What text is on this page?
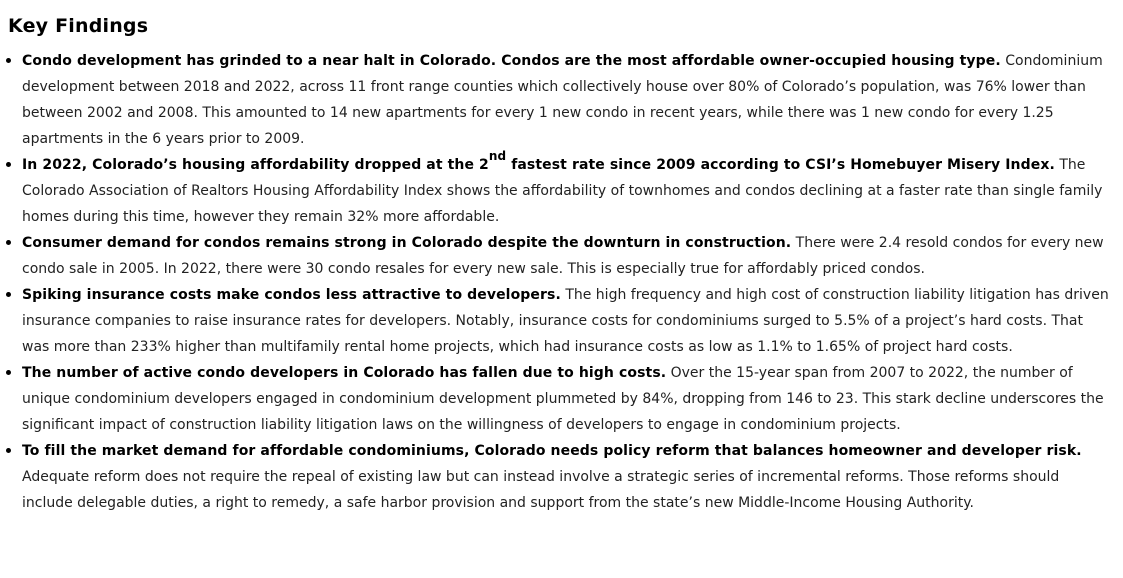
Key Findings
Condo development has grinded to a near halt in Colorado. Condos are the most affordable owner-occupied housing type. Condominium development between 2018 and 2022, across 11 front range counties which collectively house over 80% of Colorado’s population, was 76% lower than between 2002 and 2008. This amounted to 14 new apartments for every 1 new condo in recent years, while there was 1 new condo for every 1.25 apartments in the 6 years prior to 2009.
In 2022, Colorado’s housing affordability dropped at the 2nd fastest rate since 2009 according to CSI’s Homebuyer Misery Index. The Colorado Association of Realtors Housing Affordability Index shows the affordability of townhomes and condos declining at a faster rate than single family homes during this time, however they remain 32% more affordable.
Consumer demand for condos remains strong in Colorado despite the downturn in construction. There were 2.4 resold condos for every new condo sale in 2005. In 2022, there were 30 condo resales for every new sale. This is especially true for affordably priced condos.
Spiking insurance costs make condos less attractive to developers. The high frequency and high cost of construction liability litigation has driven insurance companies to raise insurance rates for developers. Notably, insurance costs for condominiums surged to 5.5% of a project’s hard costs. That was more than 233% higher than multifamily rental home projects, which had insurance costs as low as 1.1% to 1.65% of project hard costs.
The number of active condo developers in Colorado has fallen due to high costs. Over the 15-year span from 2007 to 2022, the number of unique condominium developers engaged in condominium development plummeted by 84%, dropping from 146 to 23. This stark decline underscores the significant impact of construction liability litigation laws on the willingness of developers to engage in condominium projects.
To fill the market demand for affordable condominiums, Colorado needs policy reform that balances homeowner and developer risk. Adequate reform does not require the repeal of existing law but can instead involve a strategic series of incremental reforms. Those reforms should include delegable duties, a right to remedy, a safe harbor provision and support from the state’s new Middle-Income Housing Authority.
